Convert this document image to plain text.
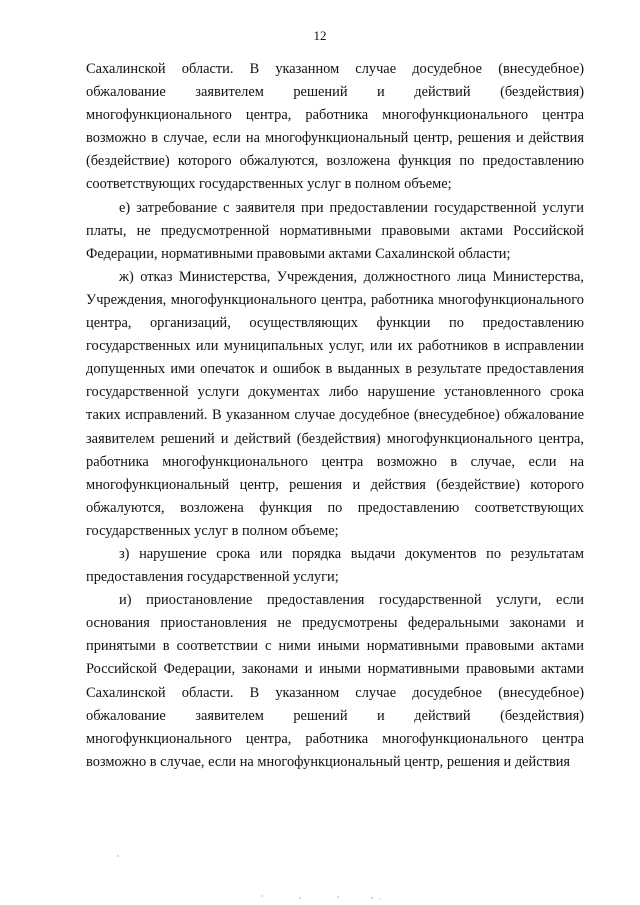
12

Сахалинской области. В указанном случае досудебное (внесудебное) обжалование заявителем решений и действий (бездействия) многофункционального центра, работника многофункционального центра возможно в случае, если на многофункциональный центр, решения и действия (бездействие) которого обжалуются, возложена функция по предоставлению соответствующих государственных услуг в полном объеме;

е) затребование с заявителя при предоставлении государственной услуги платы, не предусмотренной нормативными правовыми актами Российской Федерации, нормативными правовыми актами Сахалинской области;

ж) отказ Министерства, Учреждения, должностного лица Министерства, Учреждения, многофункционального центра, работника многофункционального центра, организаций, осуществляющих функции по предоставлению государственных или муниципальных услуг, или их работников в исправлении допущенных ими опечаток и ошибок в выданных в результате предоставления государственной услуги документах либо нарушение установленного срока таких исправлений. В указанном случае досудебное (внесудебное) обжалование заявителем решений и действий (бездействия) многофункционального центра, работника многофункционального центра возможно в случае, если на многофункциональный центр, решения и действия (бездействие) которого обжалуются, возложена функция по предоставлению соответствующих государственных услуг в полном объеме;

з) нарушение срока или порядка выдачи документов по результатам предоставления государственной услуги;

и) приостановление предоставления государственной услуги, если основания приостановления не предусмотрены федеральными законами и принятыми в соответствии с ними иными нормативными правовыми актами Российской Федерации, законами и иными нормативными правовыми актами Сахалинской области. В указанном случае досудебное (внесудебное) обжалование заявителем решений и действий (бездействия) многофункционального центра, работника многофункционального центра возможно в случае, если на многофункциональный центр, решения и действия
